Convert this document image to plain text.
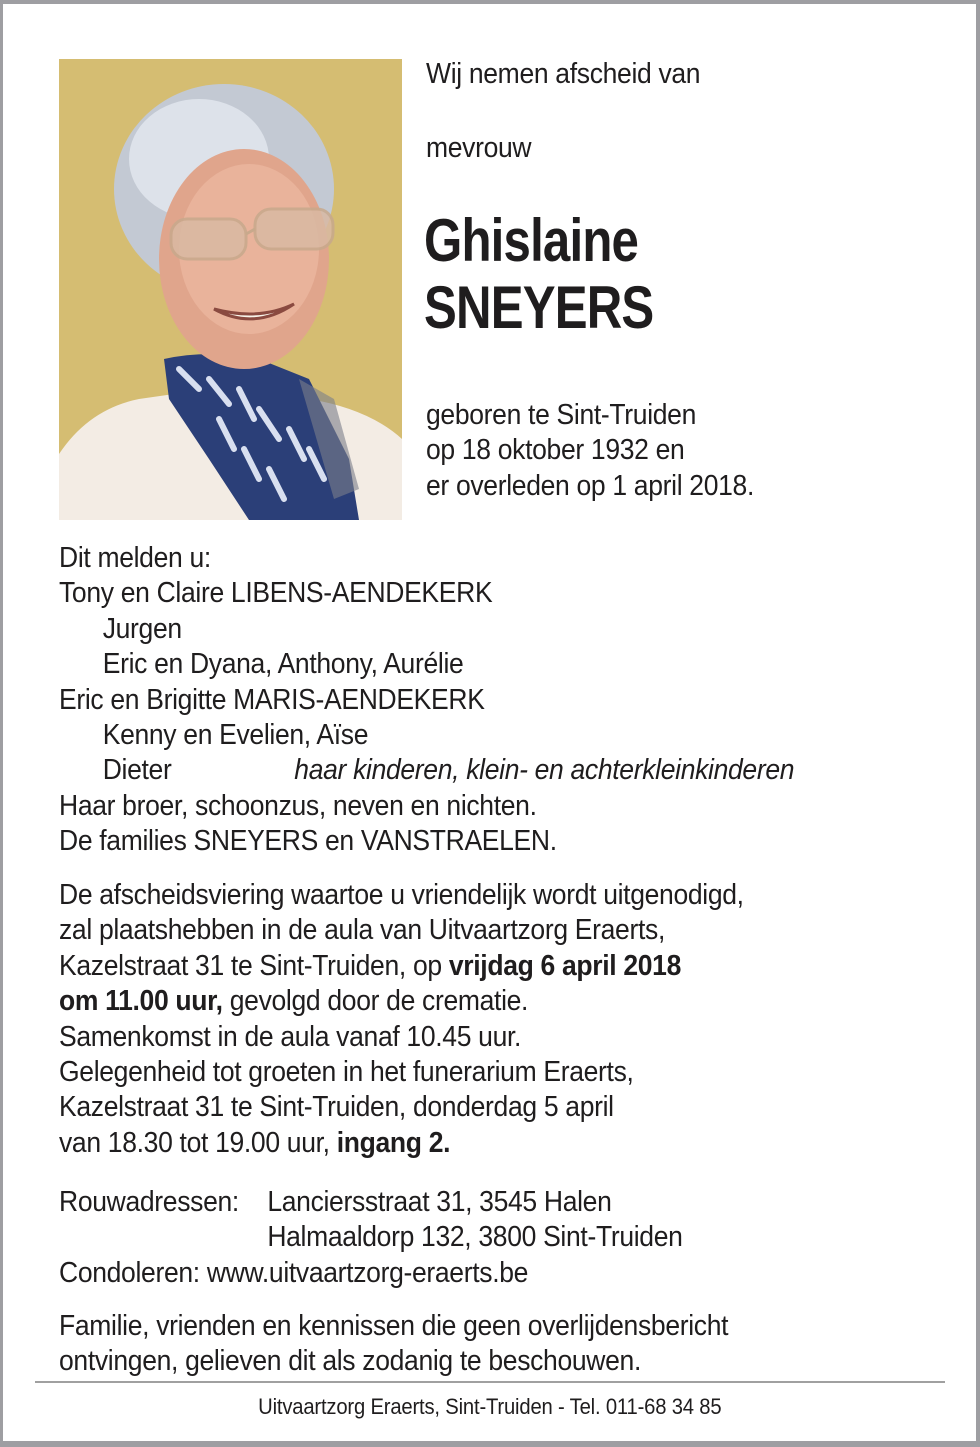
Wij nemen afscheid van
mevrouw
Ghislaine
SNEYERS
geboren te Sint-Truiden
op 18 oktober 1932 en
er overleden op 1 april 2018.
Dit melden u:
Tony en Claire LIBENS-AENDEKERK
Jurgen
Eric en Dyana, Anthony, Aurélie
Eric en Brigitte MARIS-AENDEKERK
Kenny en Evelien, Aïse
Dieter	haar kinderen, klein- en achterkleinkinderen
Haar broer, schoonzus, neven en nichten.
De families SNEYERS en VANSTRAELEN.
De afscheidsviering waartoe u vriendelijk wordt uitgenodigd,
zal plaatshebben in de aula van Uitvaartzorg Eraerts,
Kazelstraat 31 te Sint-Truiden, op vrijdag 6 april 2018
om 11.00 uur, gevolgd door de crematie.
Samenkomst in de aula vanaf 10.45 uur.
Gelegenheid tot groeten in het funerarium Eraerts,
Kazelstraat 31 te Sint-Truiden, donderdag 5 april
van 18.30 tot 19.00 uur, ingang 2.
Rouwadressen: Lanciersstraat 31, 3545 Halen
Halmaaldorp 132, 3800 Sint-Truiden
Condoleren: www.uitvaartzorg-eraerts.be
Familie, vrienden en kennissen die geen overlijdensbericht
ontvingen, gelieven dit als zodanig te beschouwen.
Uitvaartzorg Eraerts, Sint-Truiden - Tel. 011-68 34 85
